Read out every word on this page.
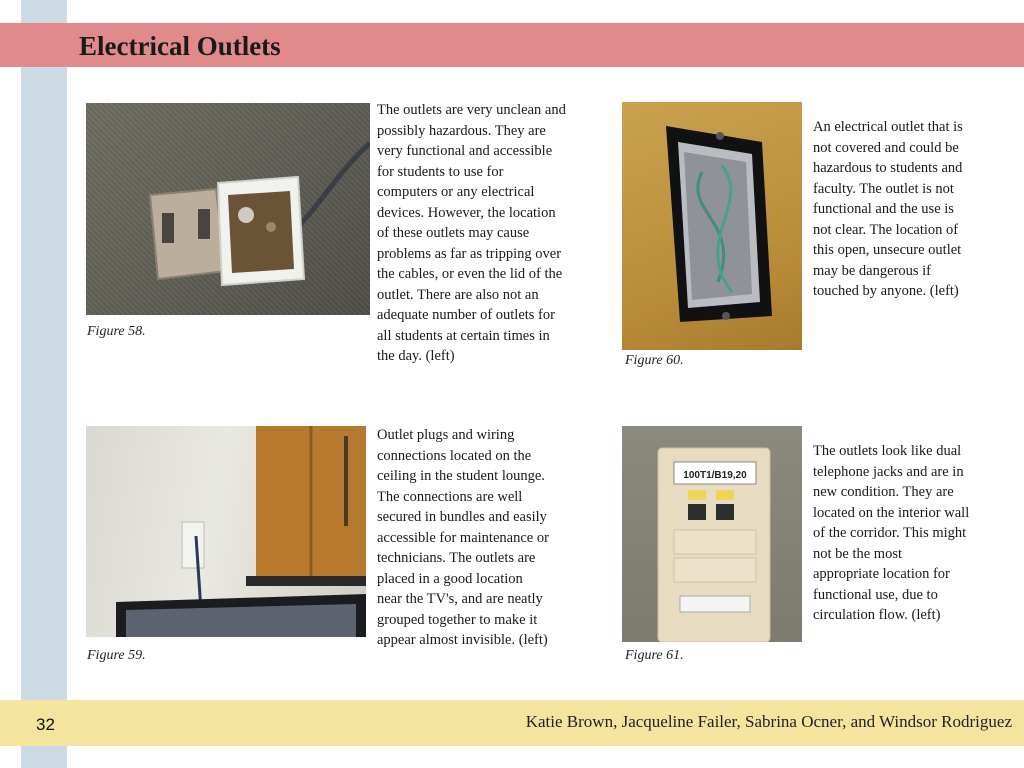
Electrical Outlets
Figure 58.
The outlets are very unclean and
possibly hazardous. They are
very functional and accessible
for students to use for
computers or any electrical
devices. However, the location
of these outlets may cause
problems as far as tripping over
the cables, or even the lid of the
outlet. There are also not an
adequate number of outlets for
all students at certain times in
the day. (left)	Figure 60.
An electrical outlet that is
not covered and could be
hazardous to students and
faculty. The outlet is not
functional and the use is
not clear. The location of
this open, unsecure outlet
may be dangerous if
touched by anyone. (left)
Figure 59.
Outlet plugs and wiring
connections located on the
ceiling in the student lounge.
The connections are well
secured in bundles and easily
accessible for maintenance or
technicians. The outlets are
placed in a good location
near the TV's, and are neatly
grouped together to make it
appear almost invisible. (left)
100T1/B19,20
Figure 61.
The outlets look like dual
telephone jacks and are in
new condition. They are
located on the interior wall
of the corridor. This might
not be the most
appropriate location for
functional use, due to
circulation flow. (left)
32	Katie Brown, Jacqueline Failer, Sabrina Ocner, and Windsor Rodriguez
